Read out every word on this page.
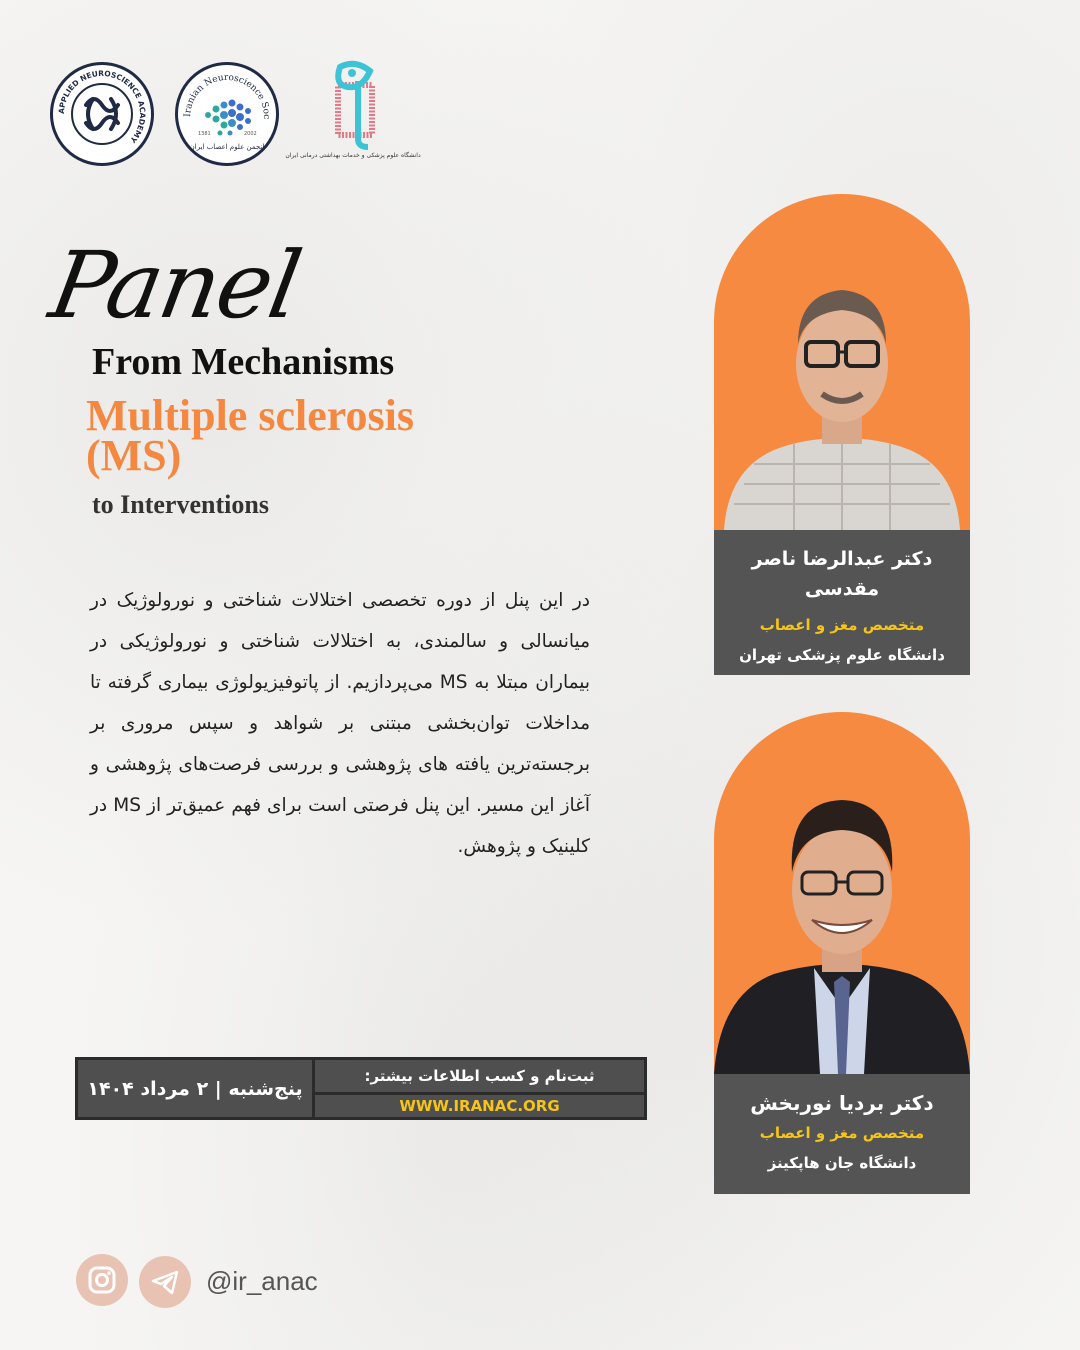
APPLIED NEUROSCIENCE ACADEMY
Iranian Neuroscience Soc
1381	2002
انجمن علوم اعصاب ایران
دانشگاه علوم پزشکی و خدمات بهداشتی درمانی ایران
Panel
From Mechanisms
Multiple sclerosis (MS)
to Interventions
در این پنل از دوره تخصصی اختلالات شناختی و نورولوژیک در میانسالی و سالمندی، به اختلالات شناختی و نورولوژیکی در بیماران مبتلا به MS می‌پردازیم. از پاتوفیزیولوژی بیماری گرفته تا مداخلات توان‌بخشی مبتنی بر شواهد و سپس مروری بر برجسته‌ترین یافته های پژوهشی و بررسی فرصت‌های پژوهشی و آغاز این مسیر. این پنل فرصتی است برای فهم عمیق‌تر از MS در کلینیک و پژوهش.
دکتر عبدالرضا ناصر مقدسی
متخصص مغز و اعصاب
دانشگاه علوم پزشکی تهران
دکتر بردیا نوربخش
متخصص مغز و اعصاب
دانشگاه جان هاپکینز
پنج‌شنبه | ۲ مرداد ۱۴۰۴
ثبت‌نام و کسب اطلاعات بیشتر:
WWW.IRANAC.ORG
@ir_anac
